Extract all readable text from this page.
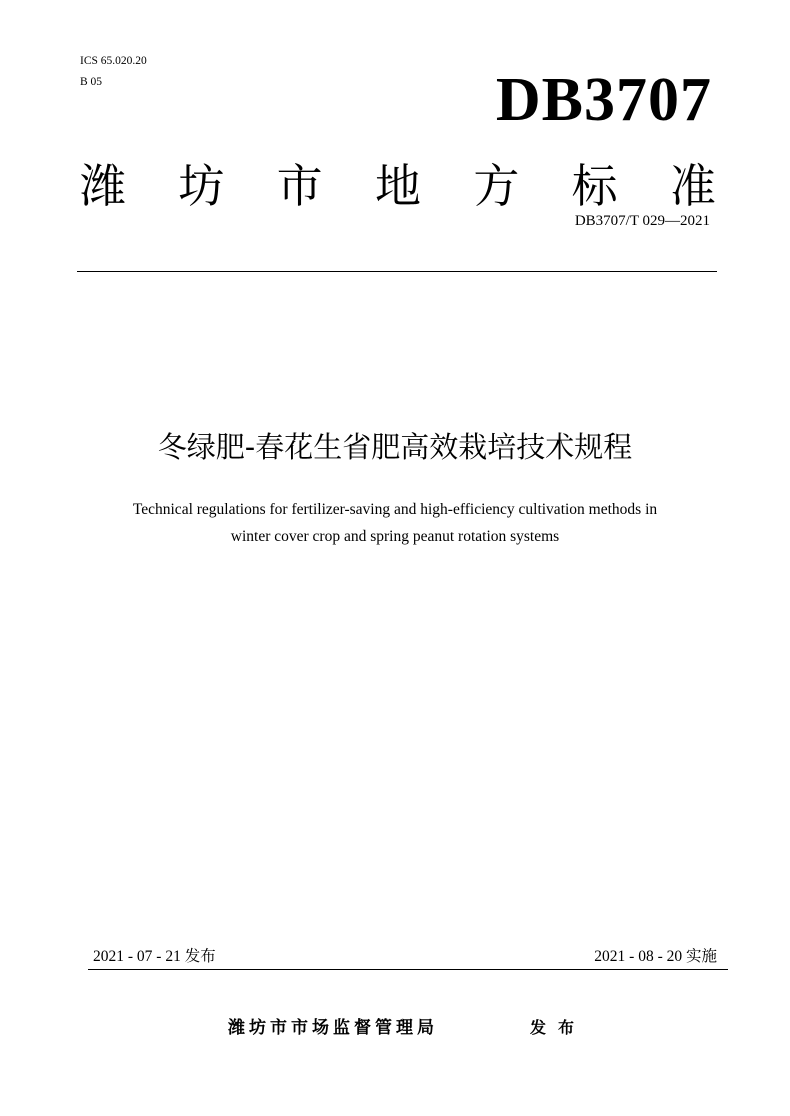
ICS 65.020.20
B 05	DB3707
潍 坊 市 地 方 标 准
DB3707/T 029—2021
冬绿肥-春花生省肥高效栽培技术规程
Technical regulations for fertilizer-saving and high-efficiency cultivation methods in
winter cover crop and spring peanut rotation systems
2021 - 07 - 21 发布	2021 - 08 - 20 实施
潍坊市市场监督管理局	发布
